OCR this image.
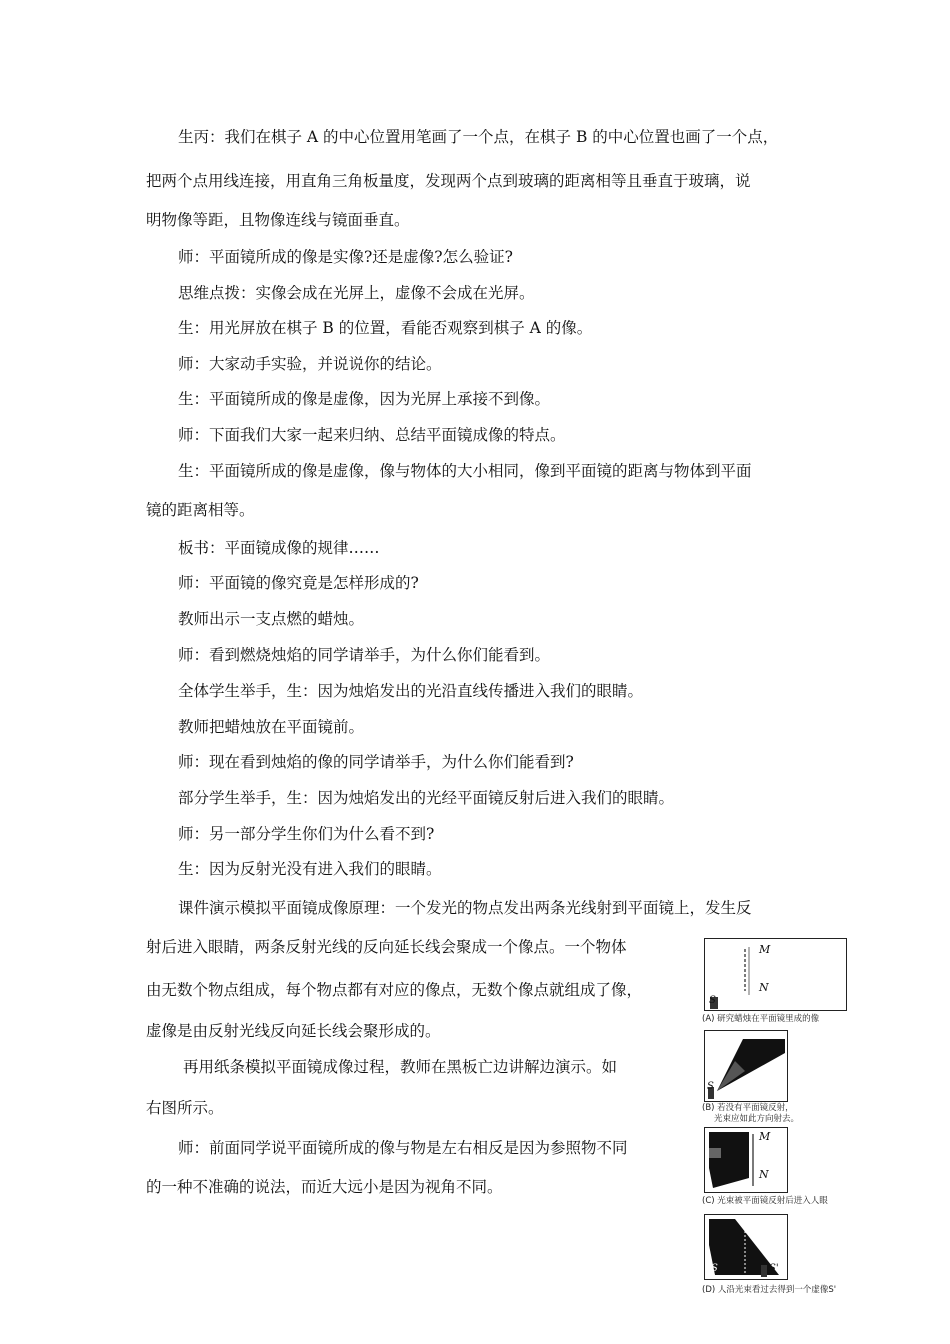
生丙：我们在棋子 A 的中心位置用笔画了一个点，在棋子 B 的中心位置也画了一个点，
把两个点用线连接，用直角三角板量度，发现两个点到玻璃的距离相等且垂直于玻璃，说
明物像等距，且物像连线与镜面垂直。
师：平面镜所成的像是实像?还是虚像?怎么验证?
思维点拨：实像会成在光屏上，虚像不会成在光屏。
生：用光屏放在棋子 B 的位置，看能否观察到棋子 A 的像。
师：大家动手实验，并说说你的结论。
生：平面镜所成的像是虚像，因为光屏上承接不到像。
师：下面我们大家一起来归纳、总结平面镜成像的特点。
生：平面镜所成的像是虚像，像与物体的大小相同，像到平面镜的距离与物体到平面
镜的距离相等。
板书：平面镜成像的规律……
师：平面镜的像究竟是怎样形成的?
教师出示一支点燃的蜡烛。
师：看到燃烧烛焰的同学请举手，为什么你们能看到。
全体学生举手，生：因为烛焰发出的光沿直线传播进入我们的眼睛。
教师把蜡烛放在平面镜前。
师：现在看到烛焰的像的同学请举手，为什么你们能看到?
部分学生举手，生：因为烛焰发出的光经平面镜反射后进入我们的眼睛。
师：另一部分学生你们为什么看不到?
生：因为反射光没有进入我们的眼睛。
课件演示模拟平面镜成像原理：一个发光的物点发出两条光线射到平面镜上，发生反
射后进入眼睛，两条反射光线的反向延长线会聚成一个像点。一个物体
由无数个物点组成，每个物点都有对应的像点，无数个像点就组成了像，
虚像是由反射光线反向延长线会聚形成的。
再用纸条模拟平面镜成像过程，教师在黑板亡边讲解边演示。如
右图所示。
师：前面同学说平面镜所成的像与物是左右相反是因为参照物不同
的一种不准确的说法，而近大远小是因为视角不同。
M
N
S
(A) 研究蜡烛在平面镜里成的像
S
(B) 若没有平面镜反射，
光束应如此方向射去。
M
N
(C) 光束被平面镜反射后进入人眼
S	S'
(D) 人沿光束看过去得到一个虚像S'
